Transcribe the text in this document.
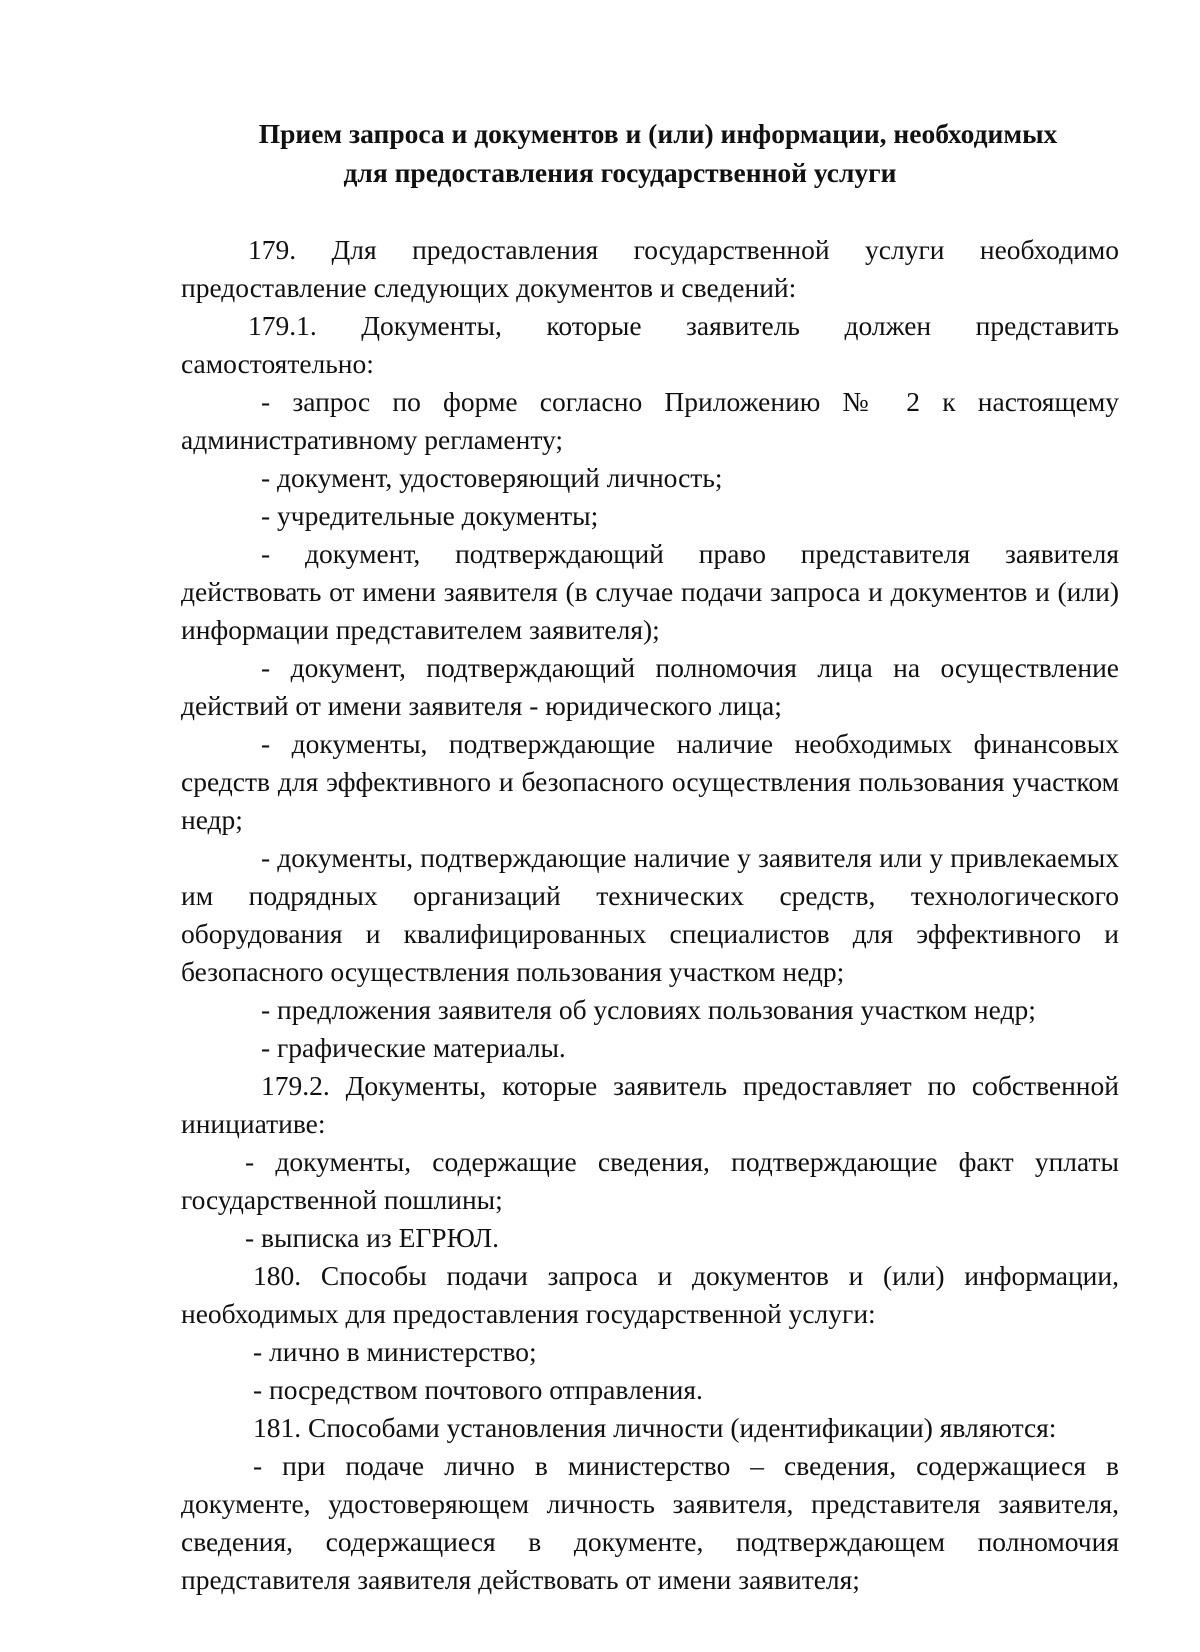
Прием запроса и документов и (или) информации, необходимых
для предоставления государственной услуги

179. Для предоставления государственной услуги необходимо предоставление следующих документов и сведений:

179.1. Документы, которые заявитель должен представить самостоятельно:

- запрос по форме согласно Приложению № 2 к настоящему административному регламенту;

- документ, удостоверяющий личность;

- учредительные документы;

- документ, подтверждающий право представителя заявителя действовать от имени заявителя (в случае подачи запроса и документов и (или) информации представителем заявителя);

- документ, подтверждающий полномочия лица на осуществление действий от имени заявителя - юридического лица;

- документы, подтверждающие наличие необходимых финансовых средств для эффективного и безопасного осуществления пользования участком недр;

- документы, подтверждающие наличие у заявителя или у привлекаемых им подрядных организаций технических средств, технологического оборудования и квалифицированных специалистов для эффективного и безопасного осуществления пользования участком недр;

- предложения заявителя об условиях пользования участком недр;

- графические материалы.

179.2. Документы, которые заявитель предоставляет по собственной инициативе:

- документы, содержащие сведения, подтверждающие факт уплаты государственной пошлины;

- выписка из ЕГРЮЛ.

180. Способы подачи запроса и документов и (или) информации, необходимых для предоставления государственной услуги:

- лично в министерство;

- посредством почтового отправления.

181. Способами установления личности (идентификации) являются:

- при подаче лично в министерство – сведения, содержащиеся в документе, удостоверяющем личность заявителя, представителя заявителя, сведения, содержащиеся в документе, подтверждающем полномочия представителя заявителя действовать от имени заявителя;
